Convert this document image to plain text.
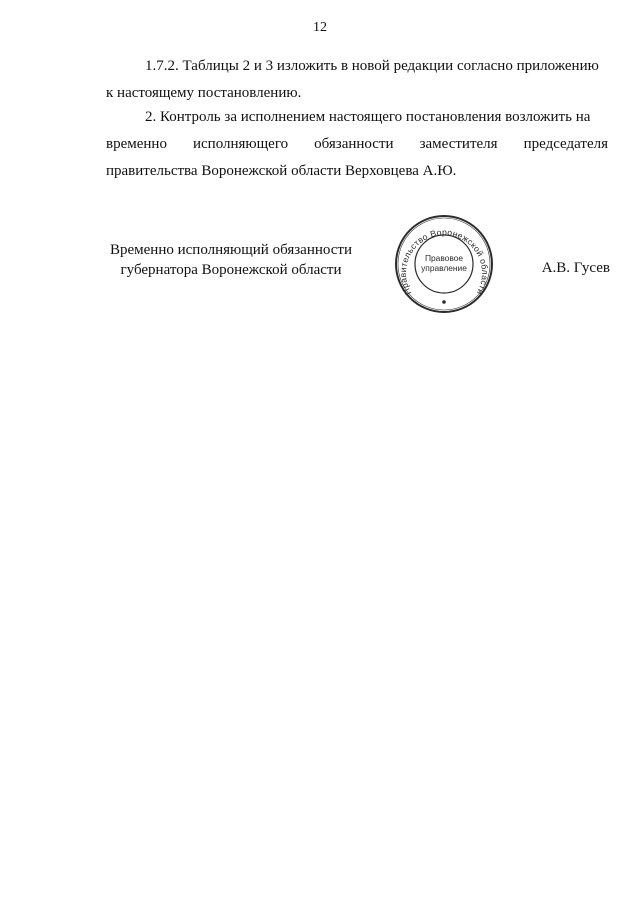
12
1.7.2. Таблицы 2 и 3 изложить в новой редакции согласно приложению
к настоящему постановлению.
2. Контроль за исполнением настоящего постановления возложить на
временно исполняющего обязанности заместителя председателя
правительства Воронежской области Верховцева А.Ю.
Временно исполняющий обязанности
губернатора Воронежской области
Правительство Воронежской области
Правовое
управление	А.В. Гусев
